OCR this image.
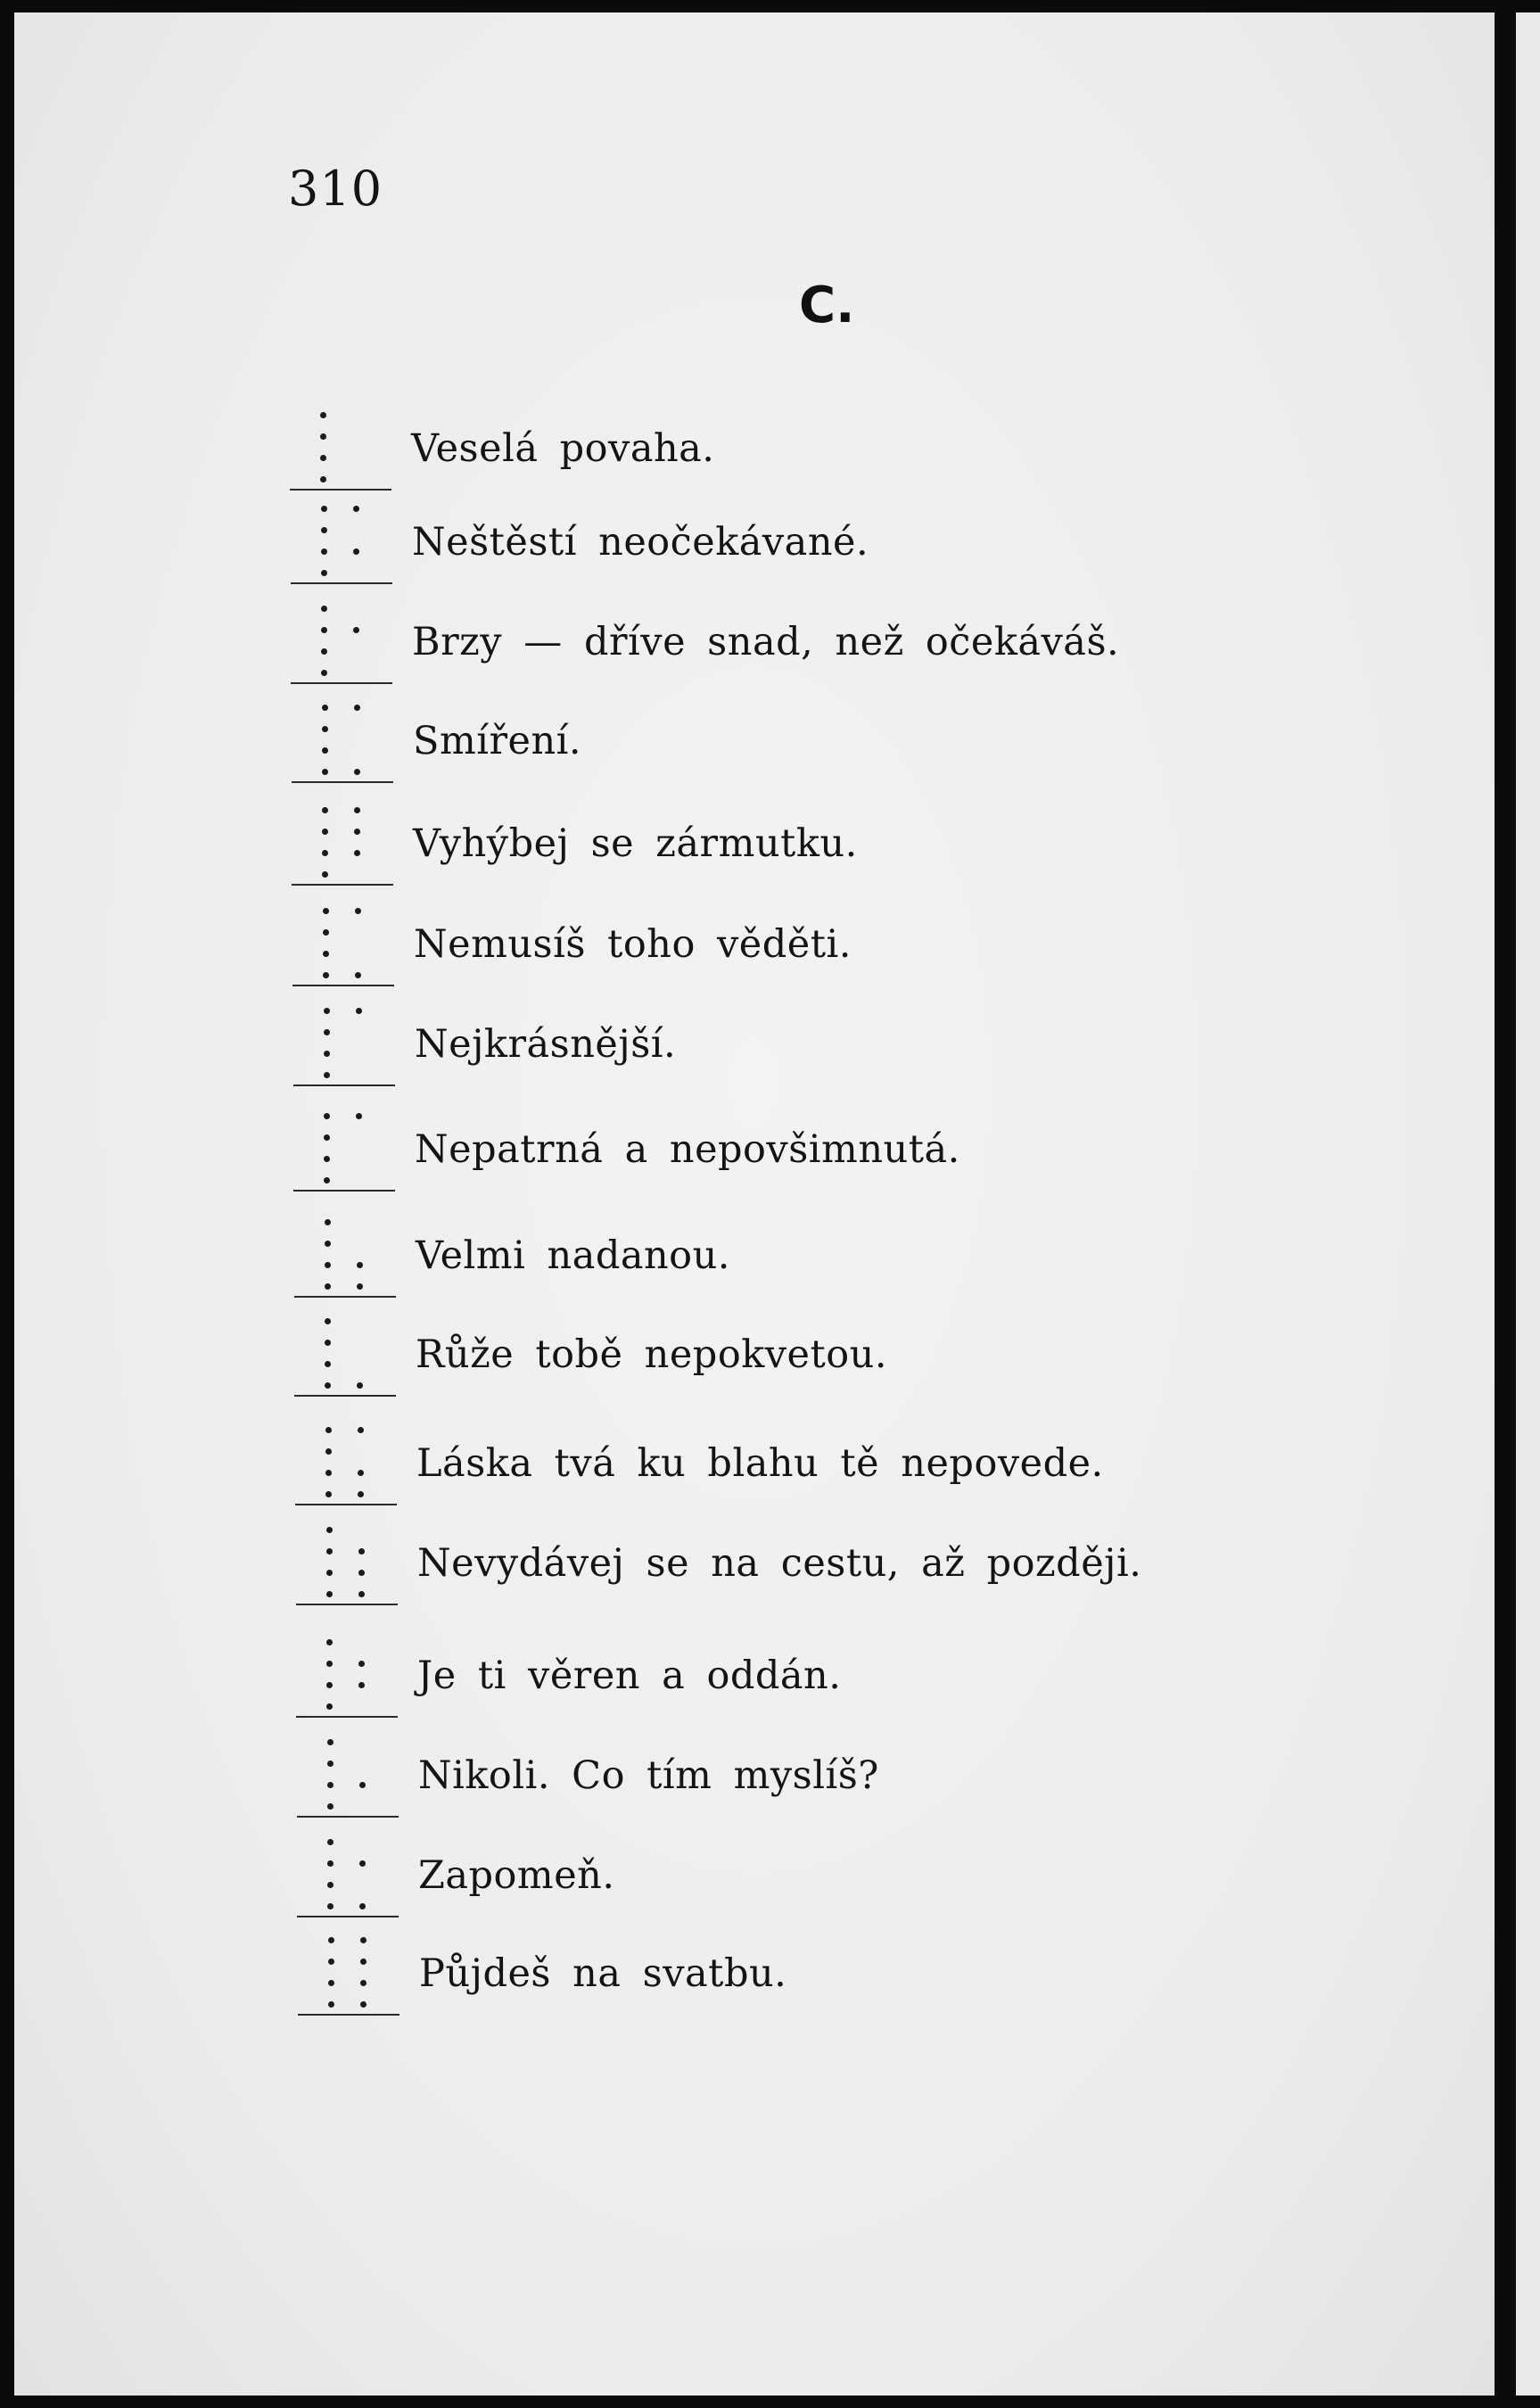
310
C.
Veselá povaha.
Neštěstí neočekávané.
Brzy — dříve snad, než očekáváš.
Smíření.
Vyhýbej se zármutku.
Nemusíš toho věděti.
Nejkrásnější.
Nepatrná a nepovšimnutá.
Velmi nadanou.
Růže tobě nepokvetou.
Láska tvá ku blahu tě nepovede.
Nevydávej se na cestu, až později.
Je ti věren a oddán.
Nikoli. Co tím myslíš?
Zapomeň.
Půjdeš na svatbu.
